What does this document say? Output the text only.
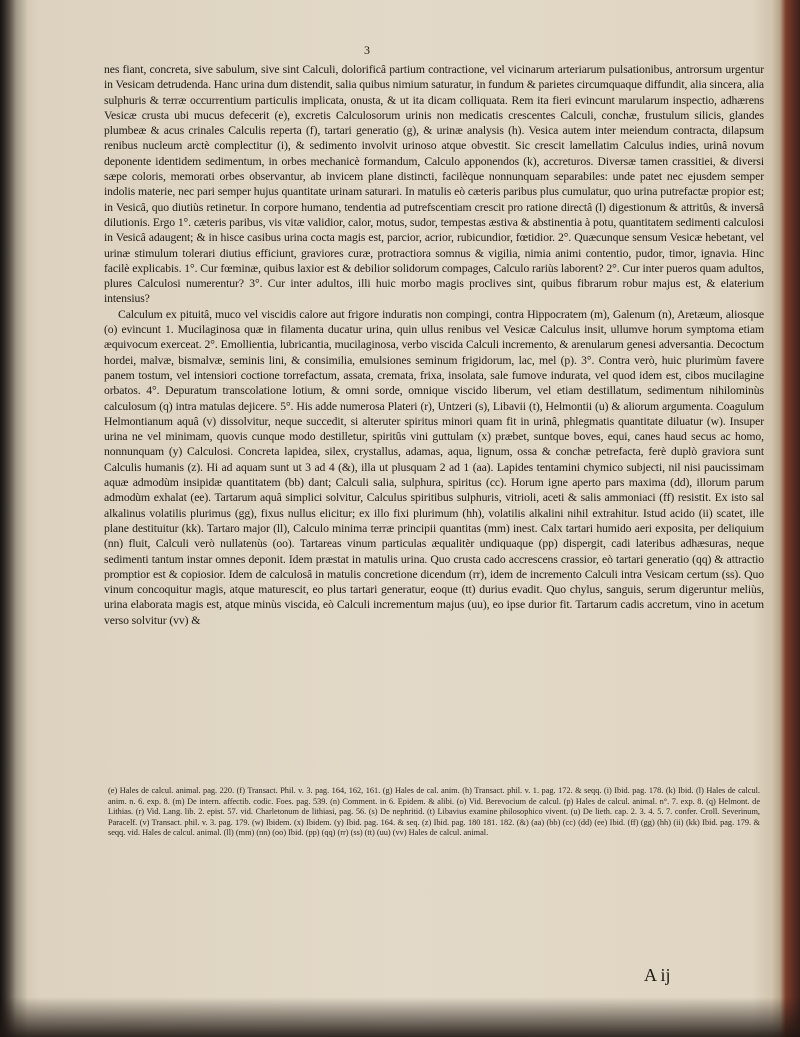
3

nes fiant, concreta, sive sabulum, sive sint Calculi, dolorificâ partium contractione, vel vicinarum arteriarum pulsationibus, antrorsum urgentur in Vesicam detrudenda. Hanc urina dum distendit, salia quibus nimium saturatur, in fundum & parietes circumquaque diffundit, alia sincera, alia sulphuris & terræ occurrentium particulis implicata, onusta, & ut ita dicam colliquata. Rem ita fieri evincunt marularum inspectio, adhærens Vesicæ crusta ubi mucus defecerit (e), excretis Calculosorum urinis non medicatis crescentes Calculi, conchæ, frustulum silicis, glandes plumbeæ & acus crinales Calculis reperta (f), tartari generatio (g), & urinæ analysis (h). Vesica autem inter meiendum contracta, dilapsum renibus nucleum arctè complectitur (i), & sedimento involvit urinoso atque obvestit. Sic crescit lamellatim Calculus indies, urinâ novum deponente identidem sedimentum, in orbes mechanicè formandum, Calculo apponendos (k), accreturos. Diversæ tamen crassitiei, & diversi sæpe coloris, memorati orbes observantur, ab invicem plane distincti, facilèque nonnunquam separabiles: unde patet nec ejusdem semper indolis materie, nec pari semper hujus quantitate urinam saturari. In matulis eò cæteris paribus plus cumulatur, quo urina putrefactæ propior est; in Vesicâ, quo diutiùs retinetur. In corpore humano, tendentia ad putrefscentiam crescit pro ratione directâ (l) digestionum & attritûs, & inversâ dilutionis. Ergo 1°. cæteris paribus, vis vitæ validior, calor, motus, sudor, tempestas æstiva & abstinentia à potu, quantitatem sedimenti calculosi in Vesicâ adaugent; & in hisce casibus urina cocta magis est, parcior, acrior, rubicundior, fœtidior. 2°. Quæcunque sensum Vesicæ hebetant, vel urinæ stimulum tolerari diutius efficiunt, graviores curæ, protractiora somnus & vigilia, nimia animi contentio, pudor, timor, ignavia. Hinc facilè explicabis. 1°. Cur fœminæ, quibus laxior est & debilior solidorum compages, Calculo rariùs laborent? 2°. Cur inter pueros quam adultos, plures Calculosi numerentur? 3°. Cur inter adultos, illi huic morbo magis proclives sint, quibus fibrarum robur majus est, & elaterium intensius?

Calculum ex pituitâ, muco vel viscidis calore aut frigore induratis non compingi, contra Hippocratem (m), Galenum (n), Aretæum, aliosque (o) evincunt 1. Mucilaginosa quæ in filamenta ducatur urina, quin ullus renibus vel Vesicæ Calculus insit, ullumve horum symptoma etiam æquivocum exerceat. 2°. Emollientia, lubricantia, mucilaginosa, verbo viscida Calculi incremento, & arenularum genesi adversantia. Decoctum hordei, malvæ, bismalvæ, seminis lini, & consimilia, emulsiones seminum frigidorum, lac, mel (p). 3°. Contra verò, huic plurimùm favere panem tostum, vel intensiori coctione torrefactum, assata, cremata, frixa, insolata, sale fumove indurata, vel quod idem est, cibos mucilagine orbatos. 4°. Depuratum transcolatione lotium, & omni sorde, omnique viscido liberum, vel etiam destillatum, sedimentum nihilominùs calculosum (q) intra matulas dejicere. 5°. His adde numerosa Plateri (r), Untzeri (s), Libavii (t), Helmontii (u) & aliorum argumenta. Coagulum Helmontianum aquâ (v) dissolvitur, neque succedit, si alteruter spiritus minori quam fit in urinâ, phlegmatis quantitate diluatur (w). Insuper urina ne vel minimam, quovis cunque modo destilletur, spiritûs vini guttulam (x) præbet, suntque boves, equi, canes haud secus ac homo, nonnunquam (y) Calculosi. Concreta lapidea, silex, crystallus, adamas, aqua, lignum, ossa & conchæ petrefacta, ferè duplò graviora sunt Calculis humanis (z). Hi ad aquam sunt ut 3 ad 4 (&), illa ut plusquam 2 ad 1 (aa). Lapides tentamini chymico subjecti, nil nisi paucissimam aquæ admodùm insipidæ quantitatem (bb) dant; Calculi salia, sulphura, spiritus (cc). Horum igne aperto pars maxima (dd), illorum parum admodùm exhalat (ee). Tartarum aquâ simplici solvitur, Calculus spiritibus sulphuris, vitrioli, aceti & salis ammoniaci (ff) resistit. Ex isto sal alkalinus volatilis plurimus (gg), fixus nullus elicitur; ex illo fixi plurimum (hh), volatilis alkalini nihil extrahitur. Istud acido (ii) scatet, ille plane destituitur (kk). Tartaro major (ll), Calculo minima terræ principii quantitas (mm) inest. Calx tartari humido aeri exposita, per deliquium (nn) fluit, Calculi verò nullatenùs (oo). Tartareas vinum particulas æqualitèr undiquaque (pp) dispergit, cadi lateribus adhæsuras, neque sedimenti tantum instar omnes deponit. Idem præstat in matulis urina. Quo crusta cado accrescens crassior, eò tartari generatio (qq) & attractio promptior est & copiosior. Idem de calculosâ in matulis concretione dicendum (rr), idem de incremento Calculi intra Vesicam certum (ss). Quo vinum concoquitur magis, atque maturescit, eo plus tartari generatur, eoque (tt) durius evadit. Quo chylus, sanguis, serum digeruntur meliùs, urina elaborata magis est, atque minùs viscida, eò Calculi incrementum majus (uu), eo ipse durior fit. Tartarum cadis accretum, vino in acetum verso solvitur (vv) &

(e) Hales de calcul. animal. pag. 220. (f) Transact. Phil. v. 3. pag. 164, 162, 161. (g) Hales de cal. anim. (h) Transact. phil. v. 1. pag. 172. & seqq. (i) Ibid. pag. 178. (k) Ibid. (l) Hales de calcul. anim. n. 6. exp. 8. (m) De intern. affectib. codic. Foes. pag. 539. (n) Comment. in 6. Epidem. & alibi. (o) Vid. Berevocium de calcul. (p) Hales de calcul. animal. n°. 7. exp. 8. (q) Helmont. de Lithias. (r) Vid. Lang. lib. 2. epist. 57. vid. Charletonum de lithiasi, pag. 56. (s) De nephritid. (t) Libavius examine philosophico vivent. (u) De lieth. cap. 2. 3. 4. 5. 7. confer. Croll. Severinum, Paracelf. (v) Transact. phil. v. 3. pag. 179. (w) Ibidem. (x) Ibidem. (y) Ibid. pag. 164. & seq. (z) Ibid. pag. 180 181. 182. (&) (aa) (bb) (cc) (dd) (ee) Ibid. (ff) (gg) (hh) (ii) (kk) Ibid. pag. 179. & seqq. vid. Hales de calcul. animal. (ll) (mm) (nn) (oo) Ibid. (pp) (qq) (rr) (ss) (tt) (uu) (vv) Hales de calcul. animal.

A ij
